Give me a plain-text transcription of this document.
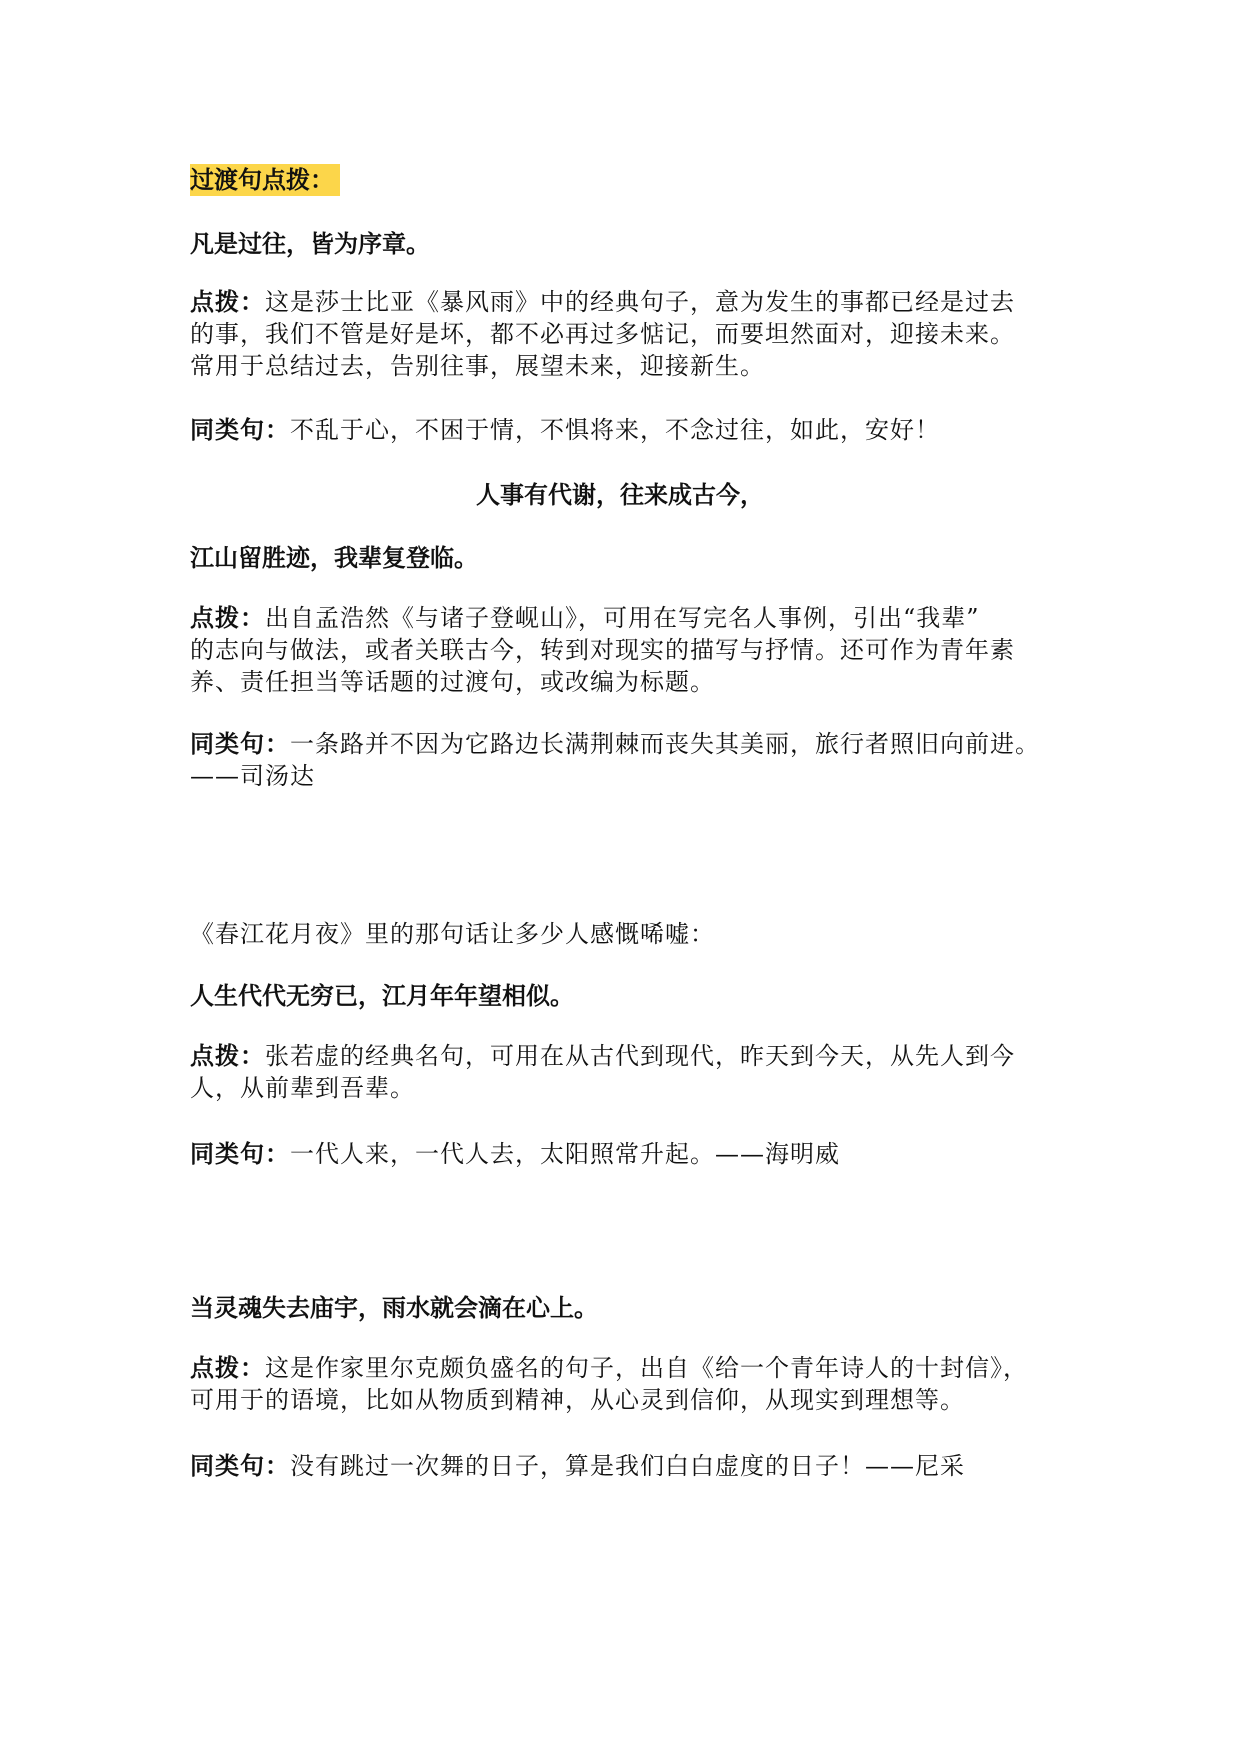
过渡句点拨：
凡是过往，皆为序章。
点拨：这是莎士比亚《暴风雨》中的经典句子，意为发生的事都已经是过去
的事，我们不管是好是坏，都不必再过多惦记，而要坦然面对，迎接未来。
常用于总结过去，告别往事，展望未来，迎接新生。
同类句：不乱于心，不困于情，不惧将来，不念过往，如此，安好！
人事有代谢，往来成古今，
江山留胜迹，我辈复登临。
点拨：出自孟浩然《与诸子登岘山》，可用在写完名人事例，引出“我辈”
的志向与做法，或者关联古今，转到对现实的描写与抒情。还可作为青年素
养、责任担当等话题的过渡句，或改编为标题。
同类句：一条路并不因为它路边长满荆棘而丧失其美丽，旅行者照旧向前进。
——司汤达
《春江花月夜》里的那句话让多少人感慨唏嘘：
人生代代无穷已，江月年年望相似。
点拨：张若虚的经典名句，可用在从古代到现代，昨天到今天，从先人到今
人，从前辈到吾辈。
同类句：一代人来，一代人去，太阳照常升起。——海明威
当灵魂失去庙宇，雨水就会滴在心上。
点拨：这是作家里尔克颇负盛名的句子，出自《给一个青年诗人的十封信》，
可用于的语境，比如从物质到精神，从心灵到信仰，从现实到理想等。
同类句：没有跳过一次舞的日子，算是我们白白虚度的日子！——尼采
